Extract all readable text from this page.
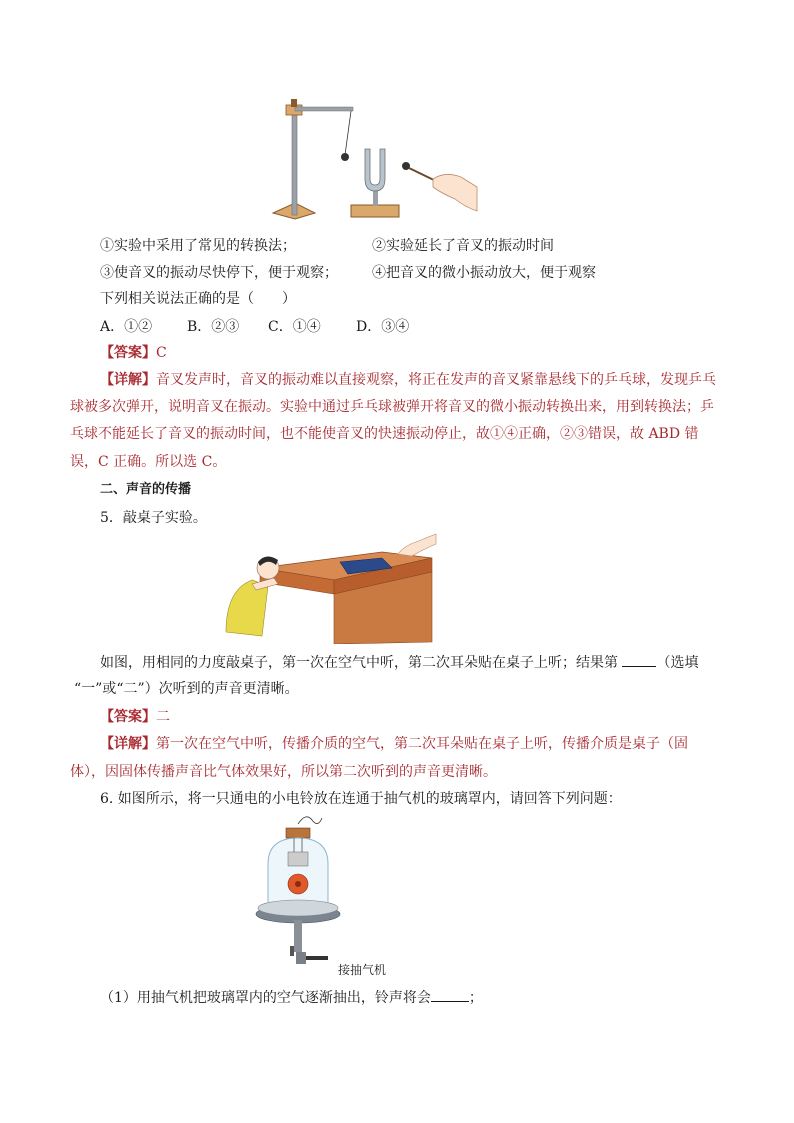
①实验中采用了常见的转换法；	②实验延长了音叉的振动时间
③使音叉的振动尽快停下，便于观察； ④把音叉的微小振动放大，便于观察
下列相关说法正确的是（　　）
A．①② B．②③ C．①④	D．③④
【答案】C
【详解】音叉发声时，音叉的振动难以直接观察，将正在发声的音叉紧靠悬线下的乒乓球，发现乒乓
球被多次弹开，说明音叉在振动。实验中通过乒乓球被弹开将音叉的微小振动转换出来，用到转换法；乒
乓球不能延长了音叉的振动时间，也不能使音叉的快速振动停止，故①④正确，②③错误，故 ABD 错
误，C 正确。所以选 C。
二、声音的传播
5．敲桌子实验。
如图，用相同的力度敲桌子，第一次在空气中听，第二次耳朵贴在桌子上听；结果第	（选填
“一”或“二”）次听到的声音更清晰。
【答案】二
【详解】第一次在空气中听，传播介质的空气，第二次耳朵贴在桌子上听，传播介质是桌子（固
体），因固体传播声音比气体效果好，所以第二次听到的声音更清晰。
6. 如图所示，将一只通电的小电铃放在连通于抽气机的玻璃罩内，请回答下列问题：
接抽气机
（1）用抽气机把玻璃罩内的空气逐渐抽出，铃声将会	；
